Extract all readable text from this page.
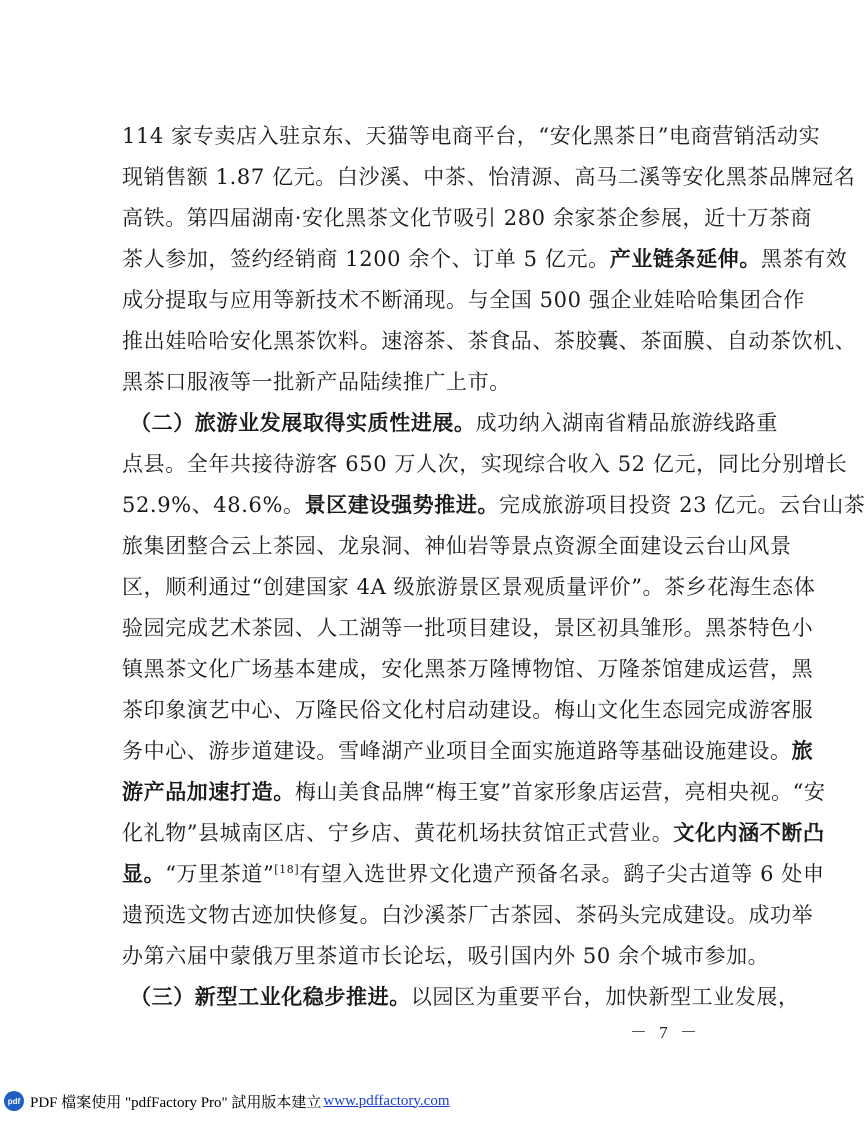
114 家专卖店入驻京东、天猫等电商平台，“安化黑茶日”电商营销活动实
现销售额 1.87 亿元。白沙溪、中茶、怡清源、高马二溪等安化黑茶品牌冠名
高铁。第四届湖南·安化黑茶文化节吸引 280 余家茶企参展，近十万茶商
茶人参加，签约经销商 1200 余个、订单 5 亿元。产业链条延伸。黑茶有效
成分提取与应用等新技术不断涌现。与全国 500 强企业娃哈哈集团合作
推出娃哈哈安化黑茶饮料。速溶茶、茶食品、茶胶囊、茶面膜、自动茶饮机、
黑茶口服液等一批新产品陆续推广上市。
（二）旅游业发展取得实质性进展。成功纳入湖南省精品旅游线路重
点县。全年共接待游客 650 万人次，实现综合收入 52 亿元，同比分别增长
52.9%、48.6%。景区建设强势推进。完成旅游项目投资 23 亿元。云台山茶
旅集团整合云上茶园、龙泉洞、神仙岩等景点资源全面建设云台山风景
区，顺利通过“创建国家 4A 级旅游景区景观质量评价”。茶乡花海生态体
验园完成艺术茶园、人工湖等一批项目建设，景区初具雏形。黑茶特色小
镇黑茶文化广场基本建成，安化黑茶万隆博物馆、万隆茶馆建成运营，黑
茶印象演艺中心、万隆民俗文化村启动建设。梅山文化生态园完成游客服
务中心、游步道建设。雪峰湖产业项目全面实施道路等基础设施建设。旅
游产品加速打造。梅山美食品牌“梅王宴”首家形象店运营，亮相央视。“安
化礼物”县城南区店、宁乡店、黄花机场扶贫馆正式营业。文化内涵不断凸
显。“万里茶道”[18]有望入选世界文化遗产预备名录。鹞子尖古道等 6 处申
遗预选文物古迹加快修复。白沙溪茶厂古茶园、茶码头完成建设。成功举
办第六届中蒙俄万里茶道市长论坛，吸引国内外 50 余个城市参加。
（三）新型工业化稳步推进。以园区为重要平台，加快新型工业发展，
－ 7 －
pdf PDF 檔案使用 "pdfFactory Pro" 試用版本建立 www.pdffactory.com
